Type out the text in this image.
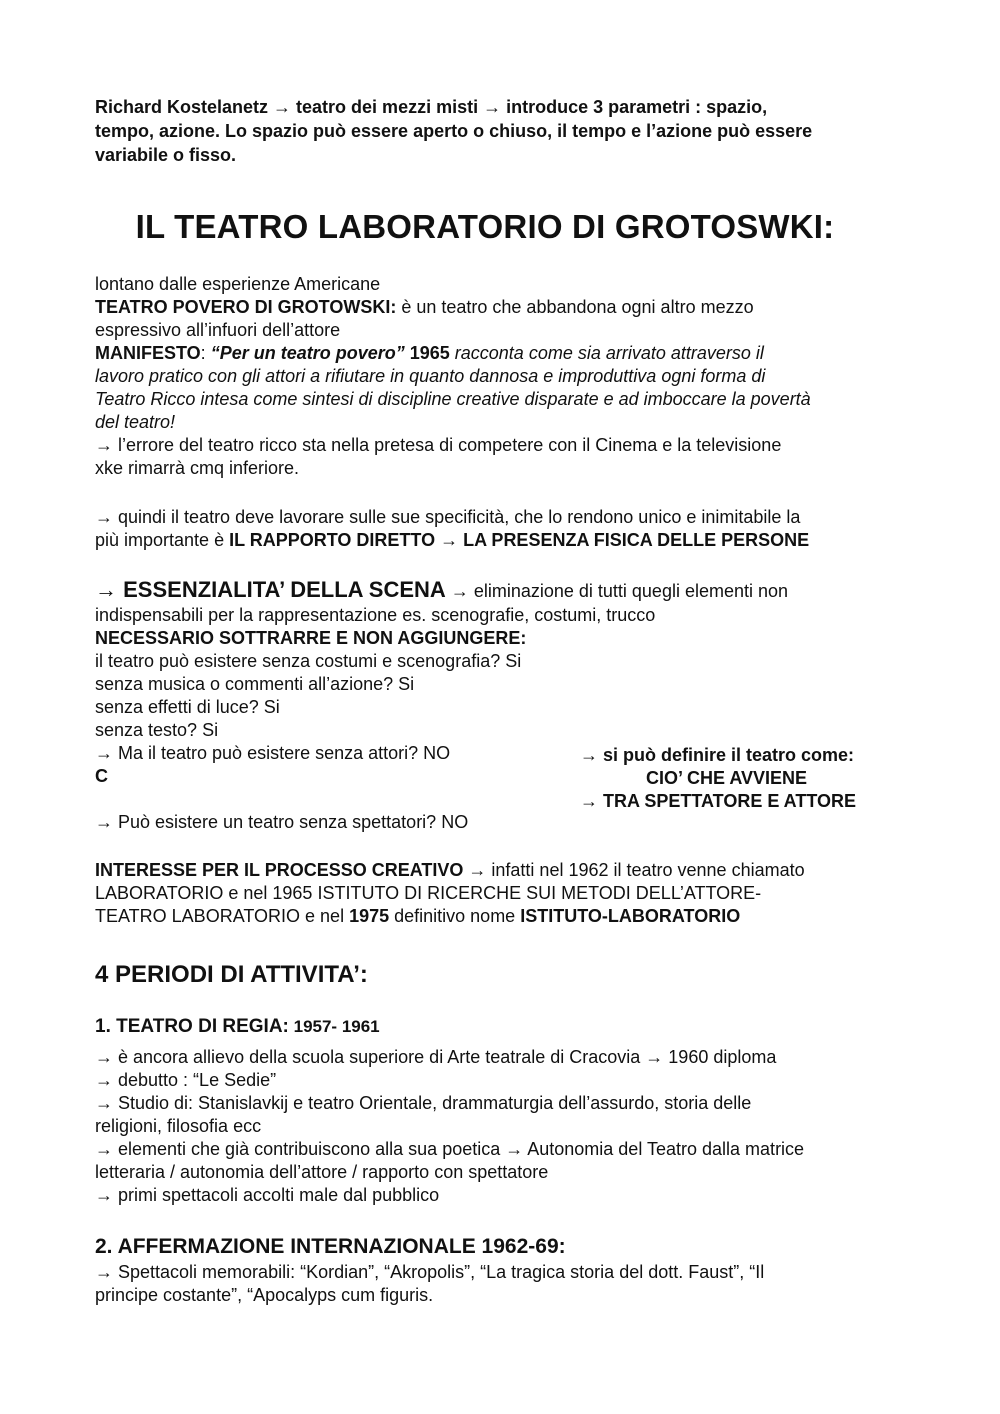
Richard Kostelanetz → teatro dei mezzi misti → introduce 3 parametri : spazio,
tempo, azione. Lo spazio può essere aperto o chiuso, il tempo e l’azione può essere
variabile o fisso.
IL TEATRO LABORATORIO DI GROTOSWKI:
lontano dalle esperienze Americane
TEATRO POVERO DI GROTOWSKI: è un teatro che abbandona ogni altro mezzo
espressivo all’infuori dell’attore
MANIFESTO: “Per un teatro povero” 1965 racconta come sia arrivato attraverso il
lavoro pratico con gli attori a rifiutare in quanto dannosa e improduttiva ogni forma di
Teatro Ricco intesa come sintesi di discipline creative disparate e ad imboccare la povertà
del teatro!
→ l’errore del teatro ricco sta nella pretesa di competere con il Cinema e la televisione
xke rimarrà cmq inferiore.
→ quindi il teatro deve lavorare sulle sue specificità, che lo rendono unico e inimitabile la
più importante è IL RAPPORTO DIRETTO → LA PRESENZA FISICA DELLE PERSONE
→ ESSENZIALITA’ DELLA SCENA → eliminazione di tutti quegli elementi non
indispensabili per la rappresentazione es. scenografie, costumi, trucco
NECESSARIO SOTTRARRE E NON AGGIUNGERE:
il teatro può esistere senza costumi e scenografia? Si
senza musica o commenti all’azione? Si
senza effetti di luce? Si
senza testo? Si
→ Ma il teatro può esistere senza attori? NO
C
→ Può esistere un teatro senza spettatori? NO
→ si può definire il teatro come:
CIO’ CHE AVVIENE
→ TRA SPETTATORE E ATTORE
INTERESSE PER IL PROCESSO CREATIVO → infatti nel 1962 il teatro venne chiamato
LABORATORIO e nel 1965 ISTITUTO DI RICERCHE SUI METODI DELL’ATTORE-
TEATRO LABORATORIO e nel 1975 definitivo nome ISTITUTO-LABORATORIO
4 PERIODI DI ATTIVITA’:
1. TEATRO DI REGIA: 1957- 1961
→ è ancora allievo della scuola superiore di Arte teatrale di Cracovia → 1960 diploma
→ debutto : “Le Sedie”
→ Studio di: Stanislavkij e teatro Orientale, drammaturgia dell’assurdo, storia delle
religioni, filosofia ecc
→ elementi che già contribuiscono alla sua poetica → Autonomia del Teatro dalla matrice
letteraria / autonomia dell’attore / rapporto con spettatore
→ primi spettacoli accolti male dal pubblico
2. AFFERMAZIONE INTERNAZIONALE 1962-69:
→ Spettacoli memorabili: “Kordian”, “Akropolis”, “La tragica storia del dott. Faust”, “Il
principe costante”, “Apocalyps cum figuris.
